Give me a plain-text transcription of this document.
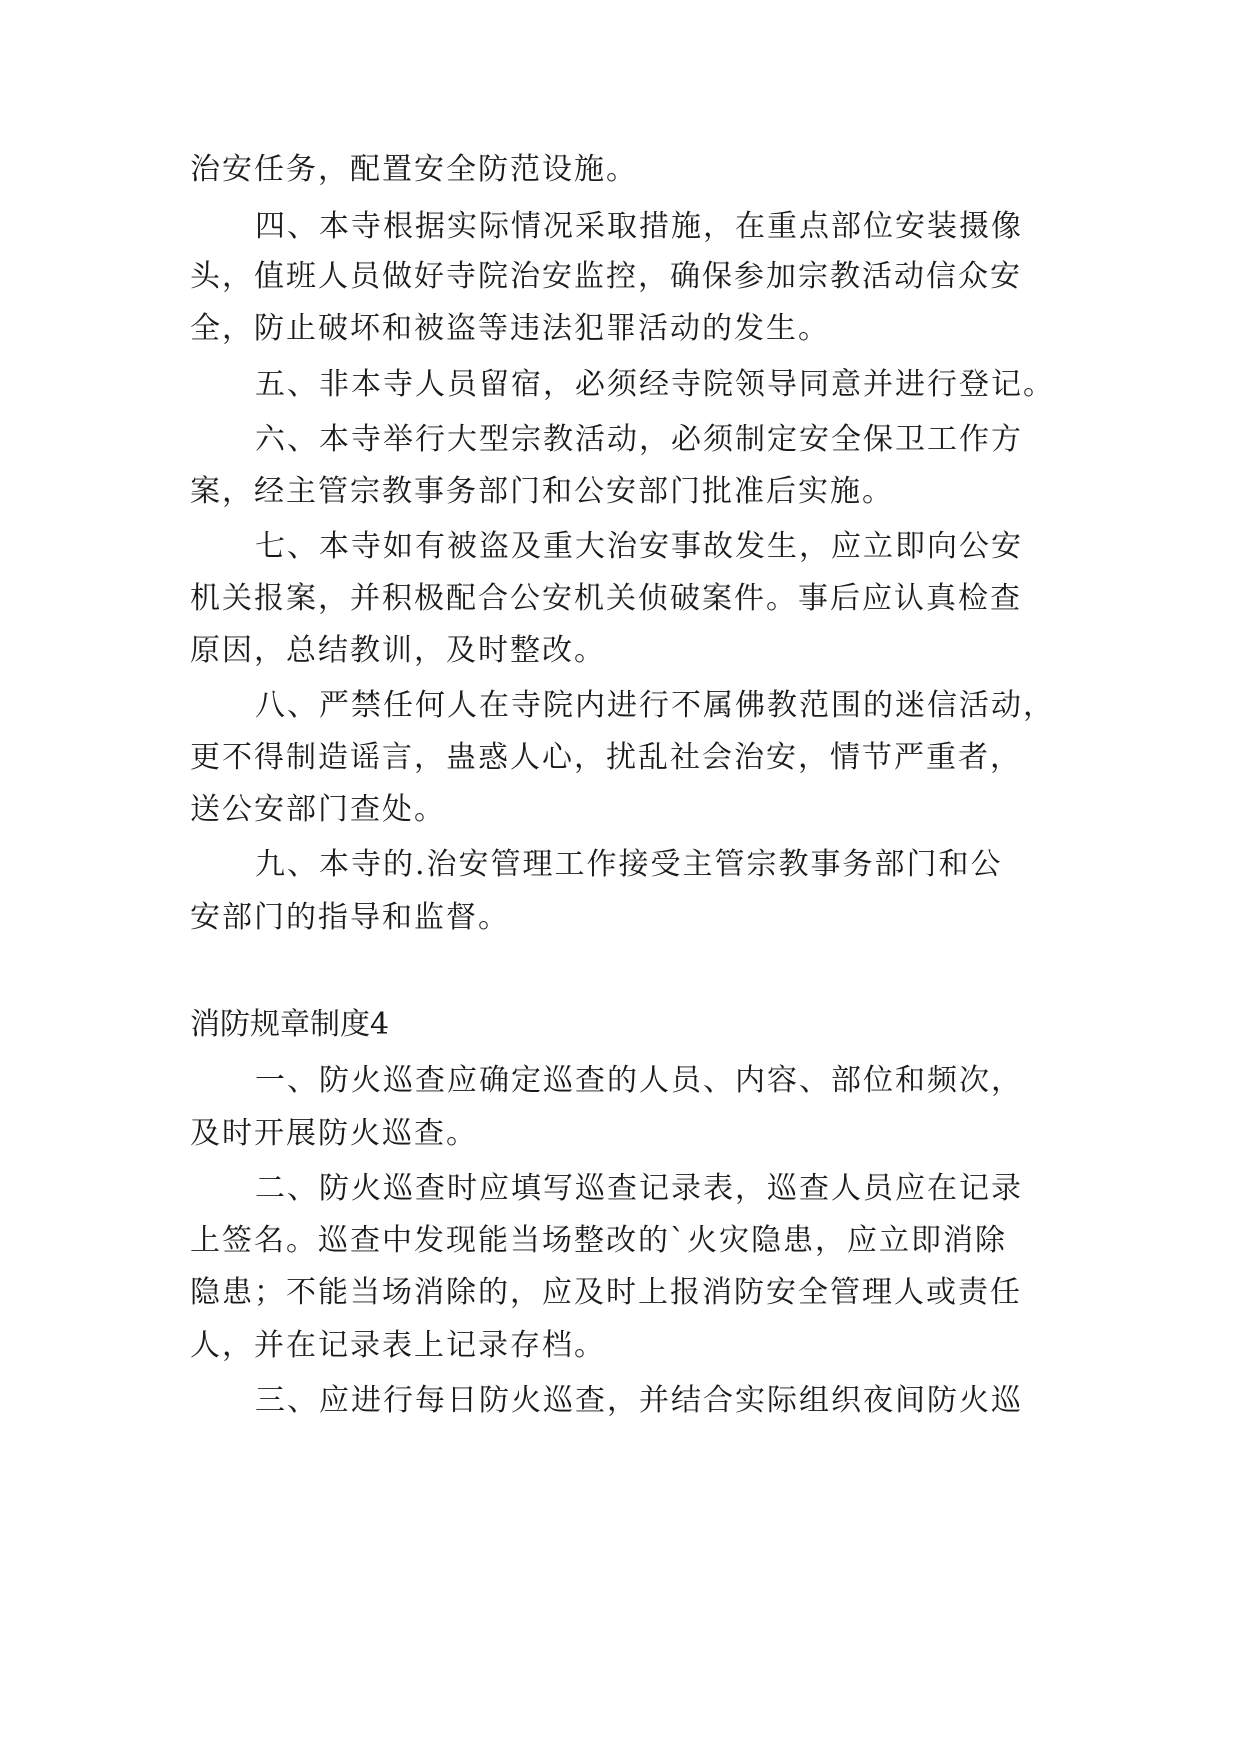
治安任务，配置安全防范设施。
四、本寺根据实际情况采取措施，在重点部位安装摄像
头，值班人员做好寺院治安监控，确保参加宗教活动信众安
全，防止破坏和被盗等违法犯罪活动的发生。
五、非本寺人员留宿，必须经寺院领导同意并进行登记。
六、本寺举行大型宗教活动，必须制定安全保卫工作方
案，经主管宗教事务部门和公安部门批准后实施。
七、本寺如有被盗及重大治安事故发生，应立即向公安
机关报案，并积极配合公安机关侦破案件。事后应认真检查
原因，总结教训，及时整改。
八、严禁任何人在寺院内进行不属佛教范围的迷信活动，
更不得制造谣言，蛊惑人心，扰乱社会治安，情节严重者，
送公安部门查处。
九、本寺的.治安管理工作接受主管宗教事务部门和公
安部门的指导和监督。
消防规章制度4
一、防火巡查应确定巡查的人员、内容、部位和频次，
及时开展防火巡查。
二、防火巡查时应填写巡查记录表，巡查人员应在记录
上签名。巡查中发现能当场整改的`火灾隐患，应立即消除
隐患；不能当场消除的，应及时上报消防安全管理人或责任
人，并在记录表上记录存档。
三、应进行每日防火巡查，并结合实际组织夜间防火巡
